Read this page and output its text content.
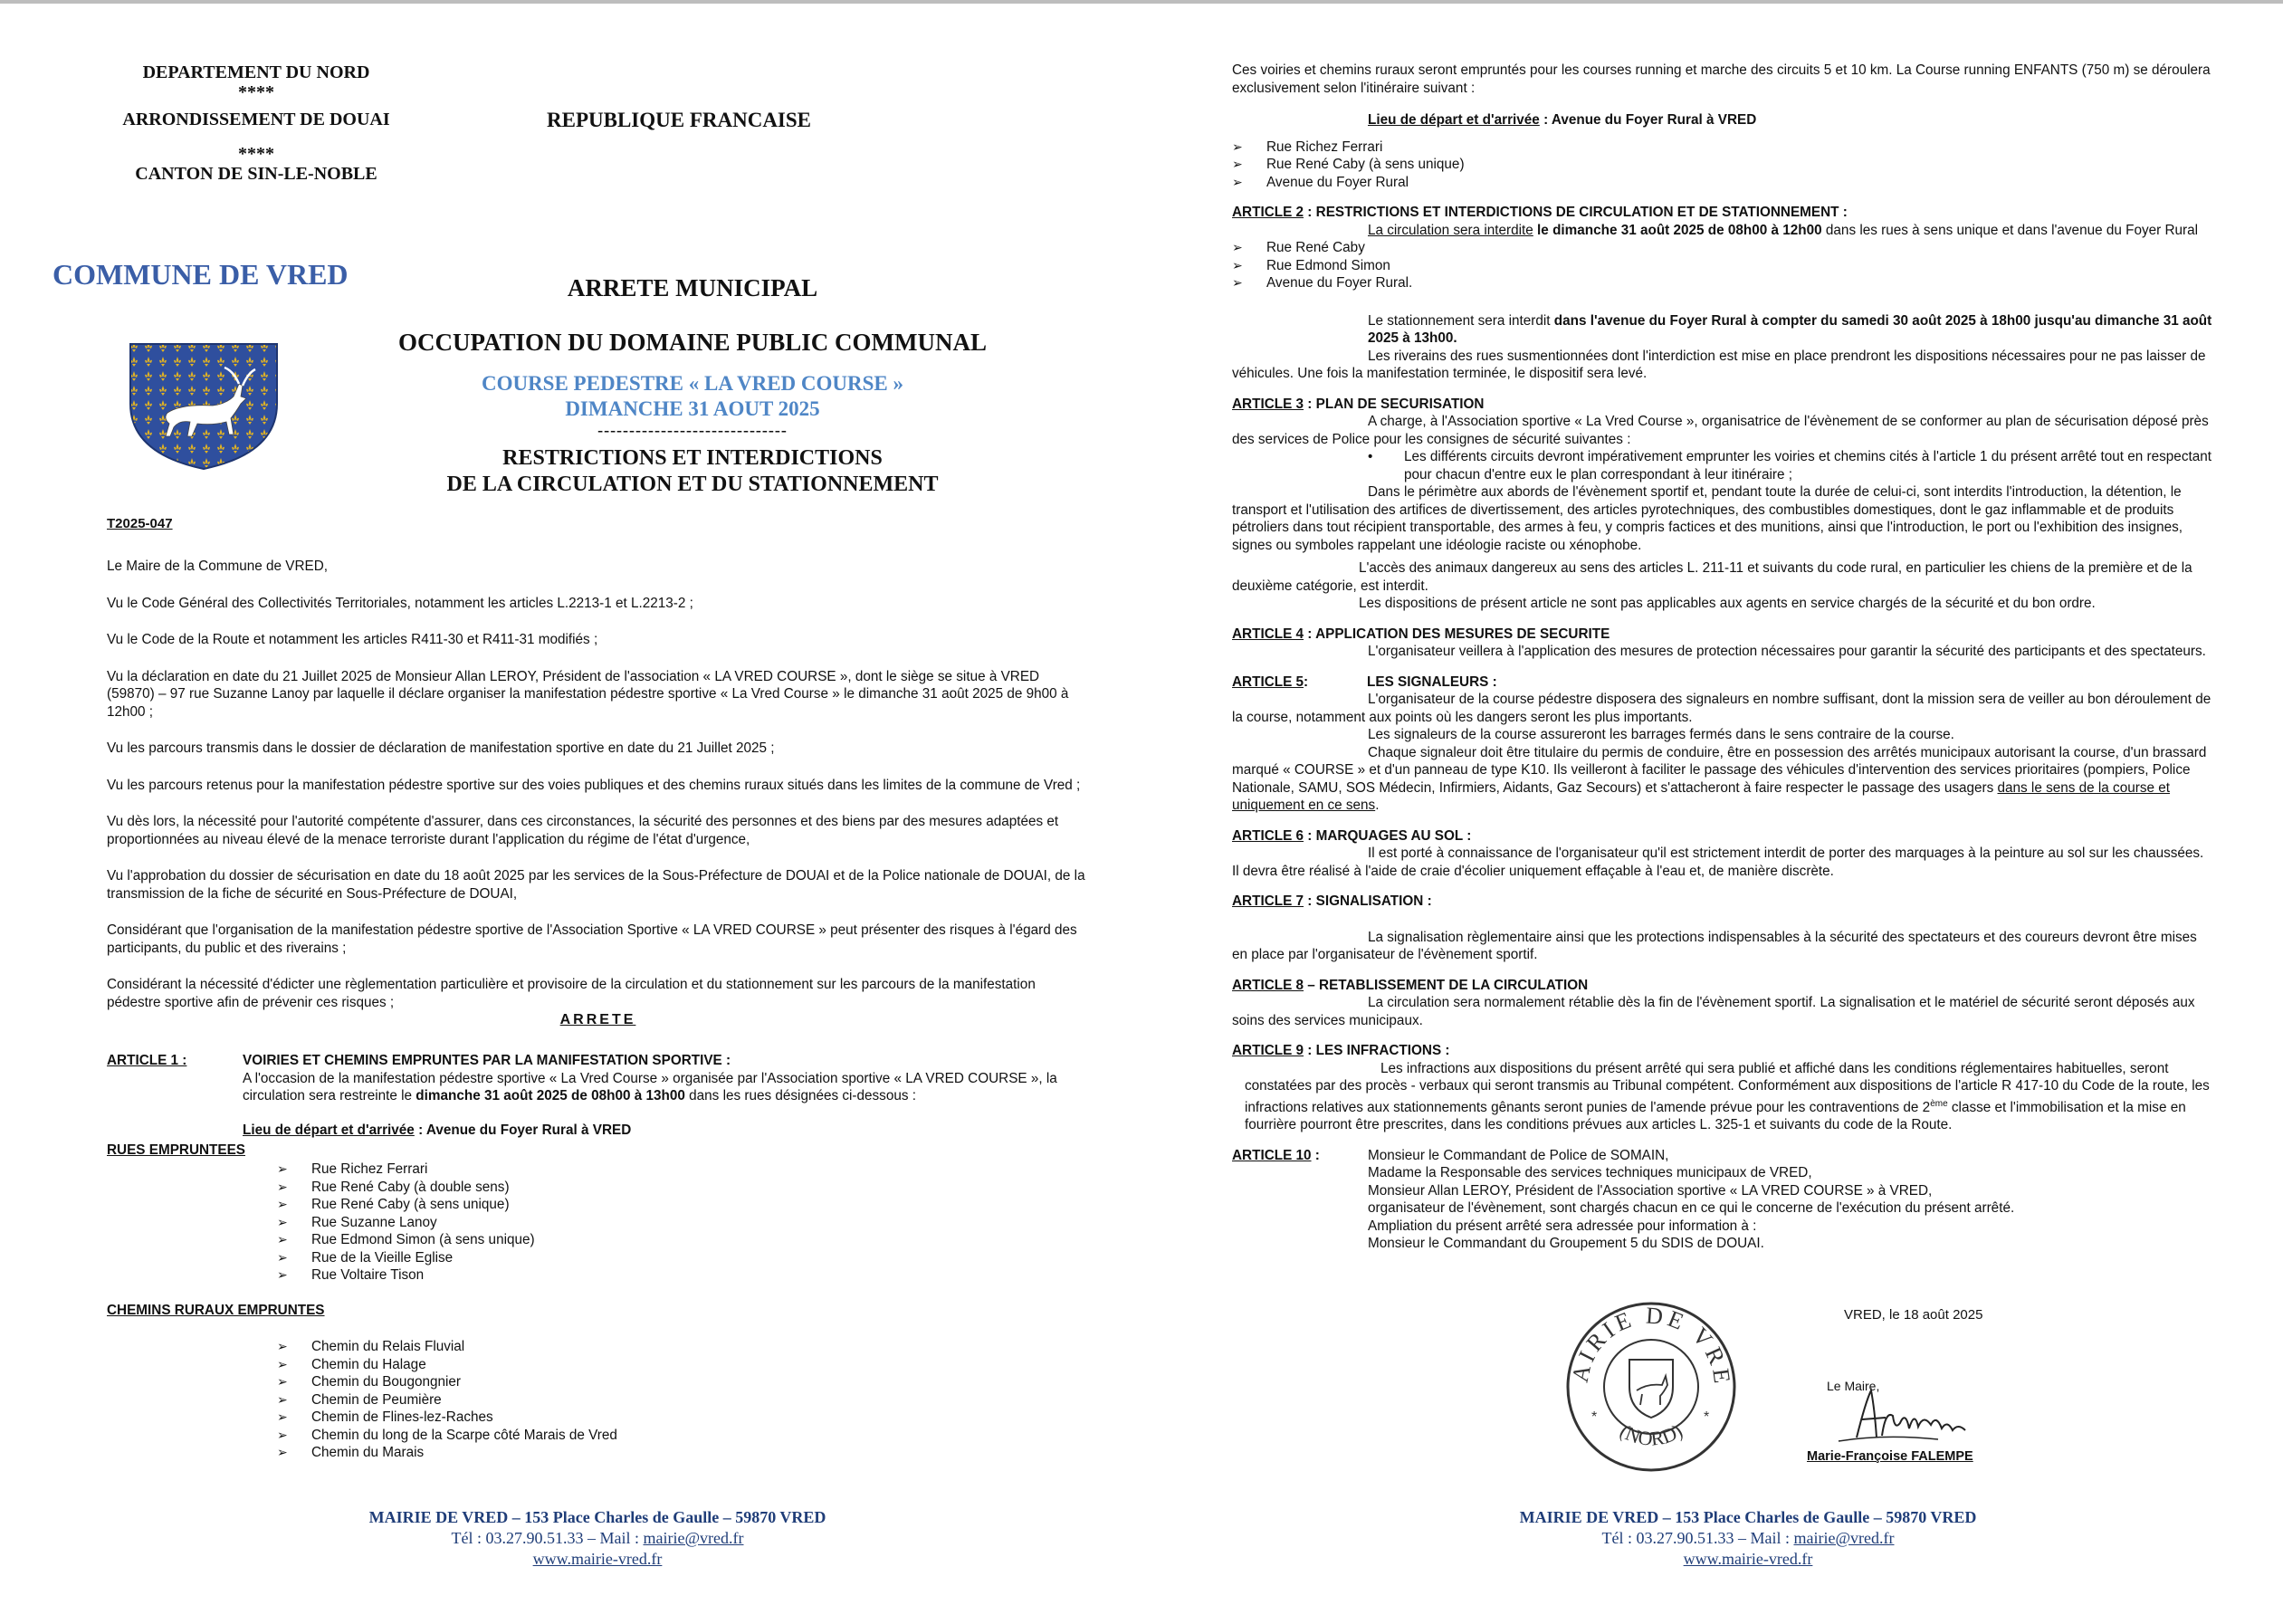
DEPARTEMENT DU NORD
****
ARRONDISSEMENT DE DOUAI
****
CANTON DE SIN-LE-NOBLE
REPUBLIQUE FRANCAISE
COMMUNE DE VRED	ARRETE MUNICIPAL
OCCUPATION DU DOMAINE PUBLIC COMMUNAL
COURSE PEDESTRE « LA VRED COURSE »
DIMANCHE 31 AOUT 2025
------------------------------
RESTRICTIONS ET INTERDICTIONS
DE LA CIRCULATION ET DU STATIONNEMENT
T2025-047

Le Maire de la Commune de VRED,

Vu le Code Général des Collectivités Territoriales, notamment les articles L.2213-1 et L.2213-2 ;

Vu le Code de la Route et notamment les articles R411-30 et R411-31 modifiés ;

Vu la déclaration en date du 21 Juillet 2025 de Monsieur Allan LEROY, Président de l'association « LA VRED COURSE », dont le siège se situe à VRED (59870) – 97 rue Suzanne Lanoy par laquelle il déclare organiser la manifestation pédestre sportive « La Vred Course » le dimanche 31 août 2025 de 9h00 à 12h00 ;

Vu les parcours transmis dans le dossier de déclaration de manifestation sportive en date du 21 Juillet 2025 ;

Vu les parcours retenus pour la manifestation pédestre sportive sur des voies publiques et des chemins ruraux situés dans les limites de la commune de Vred ;

Vu dès lors, la nécessité pour l'autorité compétente d'assurer, dans ces circonstances, la sécurité des personnes et des biens par des mesures adaptées et proportionnées au niveau élevé de la menace terroriste durant l'application du régime de l'état d'urgence,

Vu l'approbation du dossier de sécurisation en date du 18 août 2025 par les services de la Sous-Préfecture de DOUAI et de la Police nationale de DOUAI, de la transmission de la fiche de sécurité en Sous-Préfecture de DOUAI,

Considérant que l'organisation de la manifestation pédestre sportive de l'Association Sportive « LA VRED COURSE » peut présenter des risques à l'égard des participants, du public et des riverains ;

Considérant la nécessité d'édicter une règlementation particulière et provisoire de la circulation et du stationnement sur les parcours de la manifestation pédestre sportive afin de prévenir ces risques ;

ARRETE
ARTICLE 1 :	VOIRIES ET CHEMINS EMPRUNTES PAR LA MANIFESTATION SPORTIVE :
A l'occasion de la manifestation pédestre sportive « La Vred Course » organisée par l'Association sportive « LA VRED COURSE », la circulation sera restreinte le dimanche 31 août 2025 de 08h00 à 13h00 dans les rues désignées ci-dessous :
Lieu de départ et d'arrivée : Avenue du Foyer Rural à VRED
RUES EMPRUNTEES
➢ Rue Richez Ferrari
➢ Rue René Caby (à double sens)
➢ Rue René Caby (à sens unique)
➢ Rue Suzanne Lanoy
➢ Rue Edmond Simon (à sens unique)
➢ Rue de la Vieille Eglise
➢ Rue Voltaire Tison
CHEMINS RURAUX EMPRUNTES
➢ Chemin du Relais Fluvial
➢ Chemin du Halage
➢ Chemin du Bougongnier
➢ Chemin de Peumière
➢ Chemin de Flines-lez-Raches
➢ Chemin du long de la Scarpe côté Marais de Vred
➢ Chemin du Marais
MAIRIE DE VRED – 153 Place Charles de Gaulle – 59870 VRED
Tél : 03.27.90.51.33 – Mail : mairie@vred.fr
www.mairie-vred.fr

Ces voiries et chemins ruraux seront empruntés pour les courses running et marche des circuits 5 et 10 km. La Course running ENFANTS (750 m) se déroulera exclusivement selon l'itinéraire suivant :

Lieu de départ et d'arrivée : Avenue du Foyer Rural à VRED

➢ Rue Richez Ferrari
➢ Rue René Caby (à sens unique)
➢ Avenue du Foyer Rural

ARTICLE 2 : RESTRICTIONS ET INTERDICTIONS DE CIRCULATION ET DE STATIONNEMENT :

La circulation sera interdite le dimanche 31 août 2025 de 08h00 à 12h00 dans les rues à sens unique et dans l'avenue du Foyer Rural

➢ Rue René Caby
➢ Rue Edmond Simon
➢ Avenue du Foyer Rural.

Le stationnement sera interdit dans l'avenue du Foyer Rural à compter du samedi 30 août 2025 à 18h00 jusqu'au dimanche 31 août 2025 à 13h00.

Les riverains des rues susmentionnées dont l'interdiction est mise en place prendront les dispositions nécessaires pour ne pas laisser de véhicules. Une fois la manifestation terminée, le dispositif sera levé.

ARTICLE 3 : PLAN DE SECURISATION

A charge, à l'Association sportive « La Vred Course », organisatrice de l'évènement de se conformer au plan de sécurisation déposé près des services de Police pour les consignes de sécurité suivantes :

• Les différents circuits devront impérativement emprunter les voiries et chemins cités à l'article 1 du présent arrêté tout en respectant pour chacun d'entre eux le plan correspondant à leur itinéraire ;

Dans le périmètre aux abords de l'évènement sportif et, pendant toute la durée de celui-ci, sont interdits l'introduction, la détention, le transport et l'utilisation des artifices de divertissement, des articles pyrotechniques, des combustibles domestiques, dont le gaz inflammable et de produits pétroliers dans tout récipient transportable, des armes à feu, y compris factices et des munitions, ainsi que l'introduction, le port ou l'exhibition des insignes, signes ou symboles rappelant une idéologie raciste ou xénophobe.

L'accès des animaux dangereux au sens des articles L. 211-11 et suivants du code rural, en particulier les chiens de la première et de la deuxième catégorie, est interdit.

Les dispositions de présent article ne sont pas applicables aux agents en service chargés de la sécurité et du bon ordre.

ARTICLE 4 : APPLICATION DES MESURES DE SECURITE

L'organisateur veillera à l'application des mesures de protection nécessaires pour garantir la sécurité des participants et des spectateurs.

ARTICLE 5:	LES SIGNALEURS :

L'organisateur de la course pédestre disposera des signaleurs en nombre suffisant, dont la mission sera de veiller au bon déroulement de la course, notamment aux points où les dangers seront les plus importants.

Les signaleurs de la course assureront les barrages fermés dans le sens contraire de la course.

Chaque signaleur doit être titulaire du permis de conduire, être en possession des arrêtés municipaux autorisant la course, d'un brassard marqué « COURSE » et d'un panneau de type K10. Ils veilleront à faciliter le passage des véhicules d'intervention des services prioritaires (pompiers, Police Nationale, SAMU, SOS Médecin, Infirmiers, Aidants, Gaz Secours) et s'attacheront à faire respecter le passage des usagers dans le sens de la course et uniquement en ce sens.

ARTICLE 6 : MARQUAGES AU SOL :

Il est porté à connaissance de l'organisateur qu'il est strictement interdit de porter des marquages à la peinture au sol sur les chaussées. Il devra être réalisé à l'aide de craie d'écolier uniquement effaçable à l'eau et, de manière discrète.

ARTICLE 7 : SIGNALISATION :

La signalisation règlementaire ainsi que les protections indispensables à la sécurité des spectateurs et des coureurs devront être mises en place par l'organisateur de l'évènement sportif.

ARTICLE 8 – RETABLISSEMENT DE LA CIRCULATION

La circulation sera normalement rétablie dès la fin de l'évènement sportif. La signalisation et le matériel de sécurité seront déposés aux soins des services municipaux.

ARTICLE 9 : LES INFRACTIONS :

Les infractions aux dispositions du présent arrêté qui sera publié et affiché dans les conditions réglementaires habituelles, seront constatées par des procès - verbaux qui seront transmis au Tribunal compétent. Conformément aux dispositions de l'article R 417-10 du Code de la route, les infractions relatives aux stationnements gênants seront punies de l'amende prévue pour les contraventions de 2ème classe et l'immobilisation et la mise en fourrière pourront être prescrites, dans les conditions prévues aux articles L. 325-1 et suivants du code de la Route.

ARTICLE 10 :	Monsieur le Commandant de Police de SOMAIN,
Madame la Responsable des services techniques municipaux de VRED,
Monsieur Allan LEROY, Président de l'Association sportive « LA VRED COURSE » à VRED,
organisateur de l'évènement, sont chargés chacun en ce qui le concerne de l'exécution du présent arrêté.
Ampliation du présent arrêté sera adressée pour information à :
Monsieur le Commandant du Groupement 5 du SDIS de DOUAI.
VRED, le 18 août 2025
AIRIE DE VRE
(NORD)
*	*
Le Maire,
Marie-Françoise FALEMPE
MAIRIE DE VRED – 153 Place Charles de Gaulle – 59870 VRED
Tél : 03.27.90.51.33 – Mail : mairie@vred.fr
www.mairie-vred.fr
